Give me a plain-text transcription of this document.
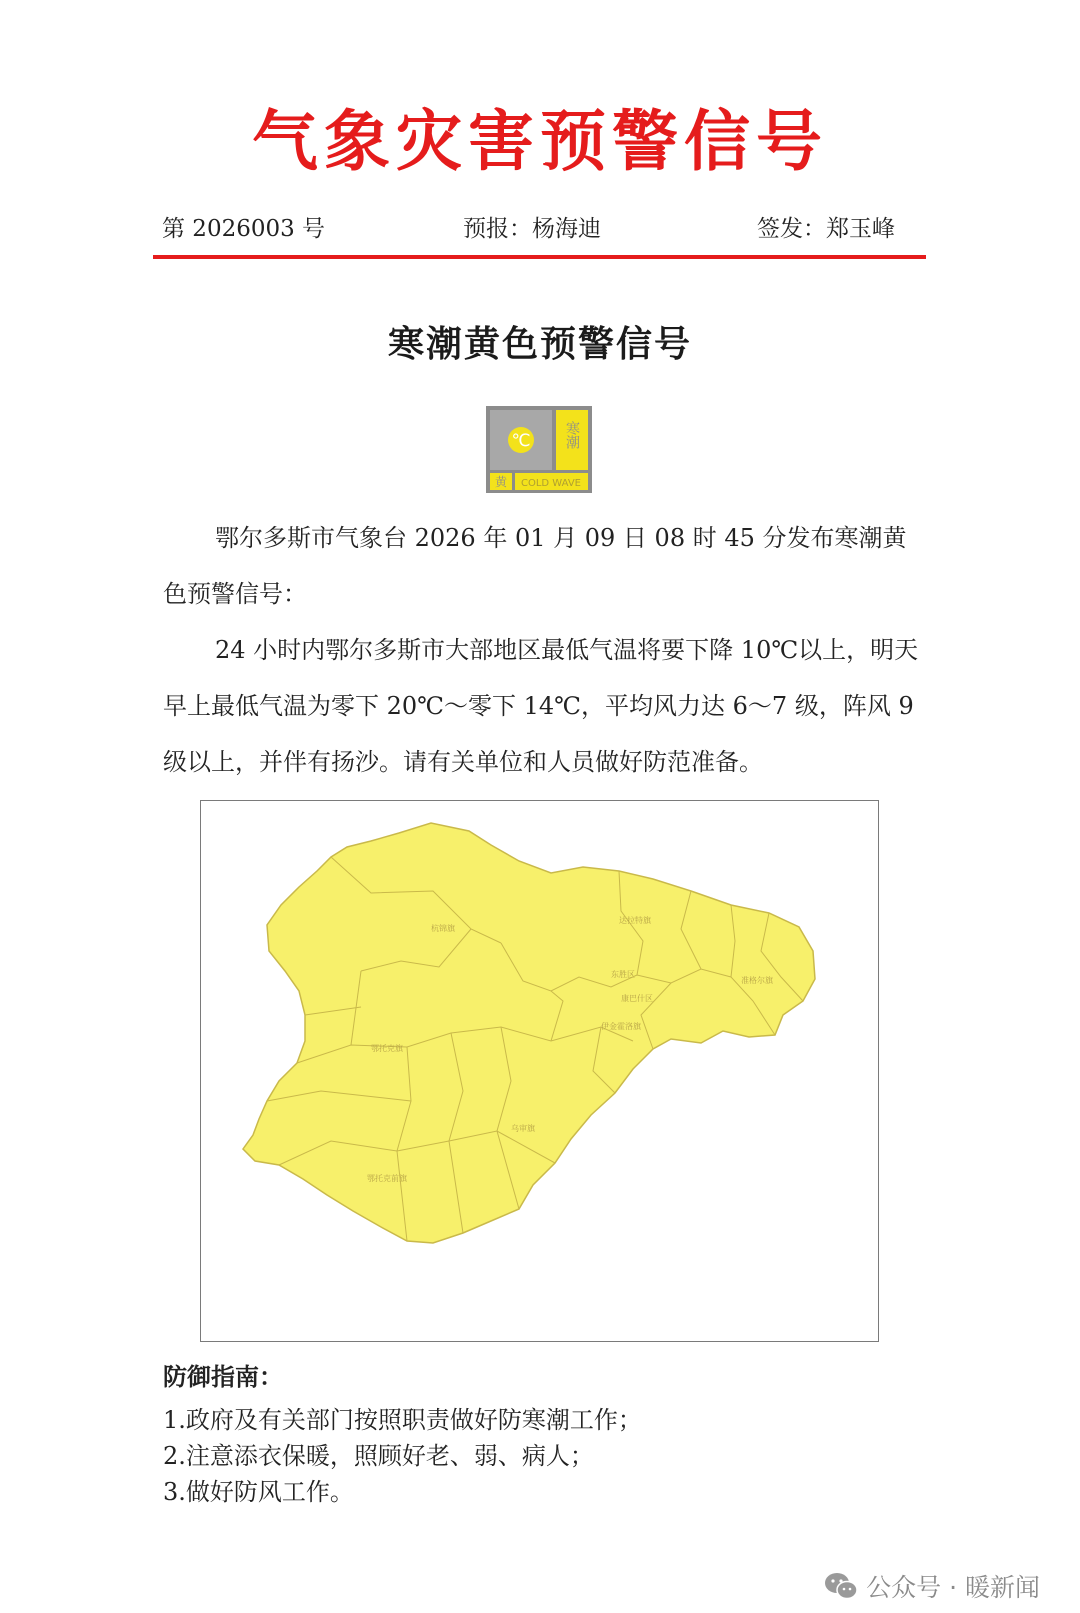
气象灾害预警信号
第 2026003 号	预报：杨海迪	签发：郑玉峰
寒潮黄色预警信号
℃ 寒潮
黄 COLD WAVE

鄂尔多斯市气象台 2026 年 01 月 09 日 08 时 45 分发布寒潮黄色预警信号：

24 小时内鄂尔多斯市大部地区最低气温将要下降 10℃以上，明天早上最低气温为零下 20℃～零下 14℃，平均风力达 6～7 级，阵风 9 级以上，并伴有扬沙。请有关单位和人员做好防范准备。

杭锦旗
达拉特旗
准格尔旗
东胜区
康巴什区
伊金霍洛旗
鄂托克旗
乌审旗
鄂托克前旗
防御指南：
1.政府及有关部门按照职责做好防寒潮工作；
2.注意添衣保暖，照顾好老、弱、病人；
3.做好防风工作。
公众号 · 暖新闻
